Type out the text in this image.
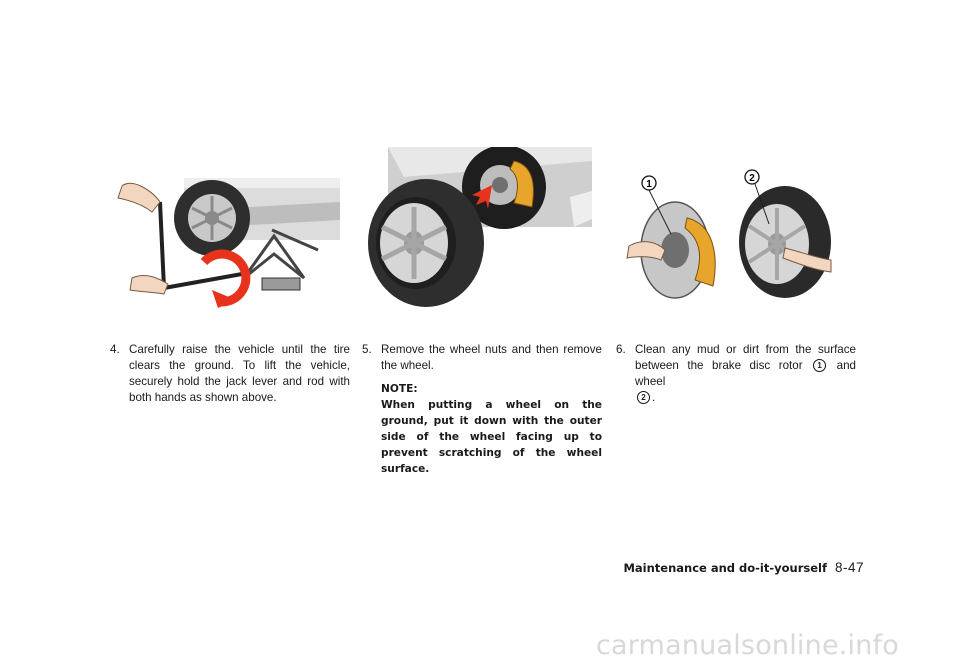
1
2
4. Carefully raise the vehicle until the tire clears the ground. To lift the vehicle, securely hold the jack lever and rod with both hands as shown above.
5. Remove the wheel nuts and then remove the wheel.
NOTE:
When putting a wheel on the ground, put it down with the outer side of the wheel facing up to prevent scratching of the wheel surface.
6. Clean any mud or dirt from the surface between the brake disc rotor 1 and wheel
2 .
Maintenance and do-it-yourself 8-47
carmanualsonline.info
